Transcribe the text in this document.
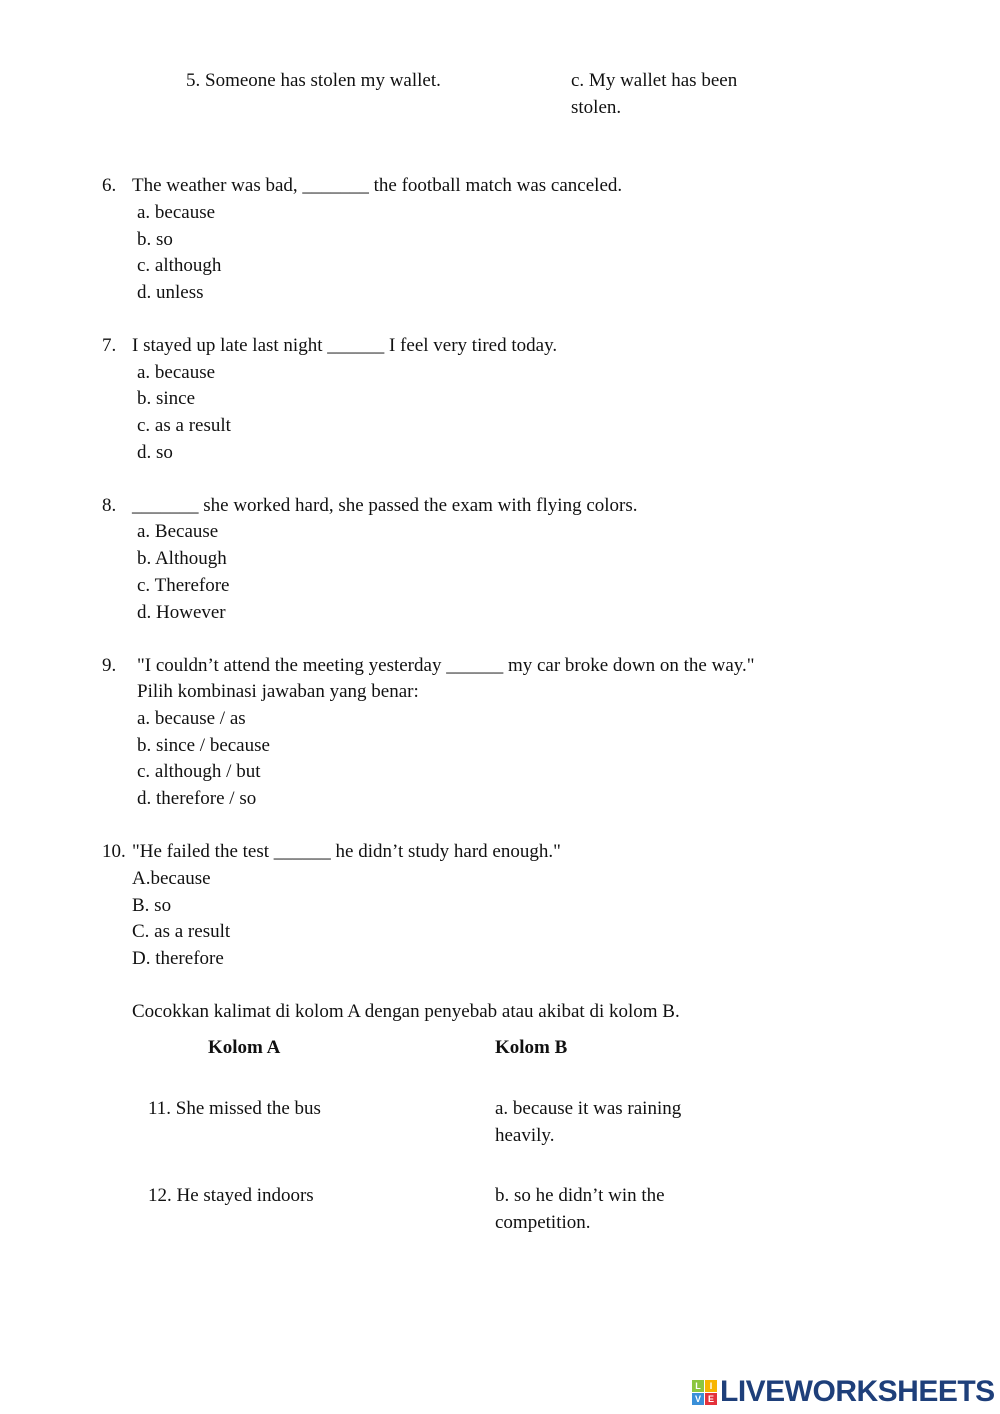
5. Someone has stolen my wallet.	c. My wallet has been
stolen.
6. The weather was bad, _______ the football match was canceled.
a. because
b. so
c. although
d. unless
7. I stayed up late last night ______ I feel very tired today.
a. because
b. since
c. as a result
d. so
8. _______ she worked hard, she passed the exam with flying colors.
a. Because
b. Although
c. Therefore
d. However
9. "I couldn’t attend the meeting yesterday ______ my car broke down on the way."
Pilih kombinasi jawaban yang benar:
a. because / as
b. since / because
c. although / but
d. therefore / so
10. "He failed the test ______ he didn’t study hard enough."
A.because
B. so
C. as a result
D. therefore
Cocokkan kalimat di kolom A dengan penyebab atau akibat di kolom B.
Kolom A	Kolom B
11. She missed the bus	a. because it was raining
heavily.
12. He stayed indoors	b. so he didn’t win the
competition.
L I
V E LIVEWORKSHEETS
